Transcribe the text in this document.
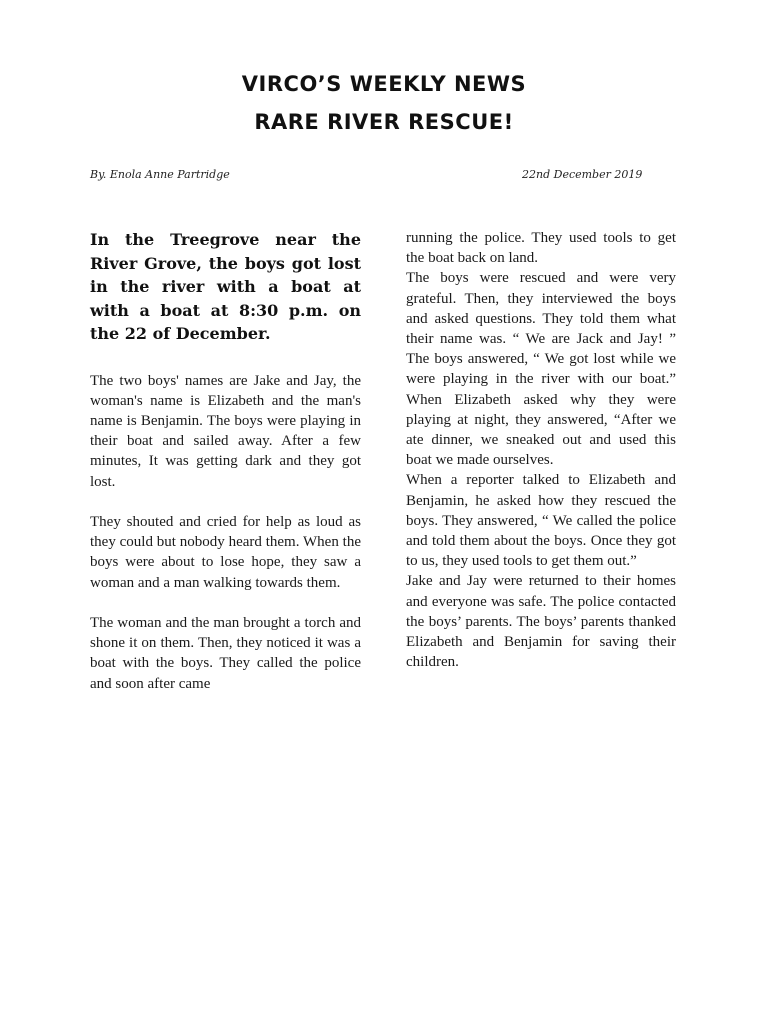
VIRCO’S WEEKLY NEWS
RARE RIVER RESCUE!
By. Enola Anne Partridge	22nd December 2019

In the Treegrove near the River Grove, the boys got lost in the river with a boat at with a boat at 8:30 p.m. on the 22 of December.

The two boys' names are Jake and Jay, the woman's name is Elizabeth and the man's name is Benjamin. The boys were playing in their boat and sailed away. After a few minutes, It was getting dark and they got lost.

They shouted and cried for help as loud as they could but nobody heard them. When the boys were about to lose hope, they saw a woman and a man walking towards them.

The woman and the man brought a torch and shone it on them. Then, they noticed it was a boat with the boys. They called the police and soon after came

running the police. They used tools to get the boat back on land.

The boys were rescued and were very grateful. Then, they interviewed the boys and asked questions. They told them what their name was. “ We are Jack and Jay! ” The boys answered, “ We got lost while we were playing in the river with our boat.” When Elizabeth asked why they were playing at night, they answered, “After we ate dinner, we sneaked out and used this boat we made ourselves.

When a reporter talked to Elizabeth and Benjamin, he asked how they rescued the boys. They answered, “ We called the police and told them about the boys. Once they got to us, they used tools to get them out.”

Jake and Jay were returned to their homes and everyone was safe. The police contacted the boys’ parents. The boys’ parents thanked Elizabeth and Benjamin for saving their children.
